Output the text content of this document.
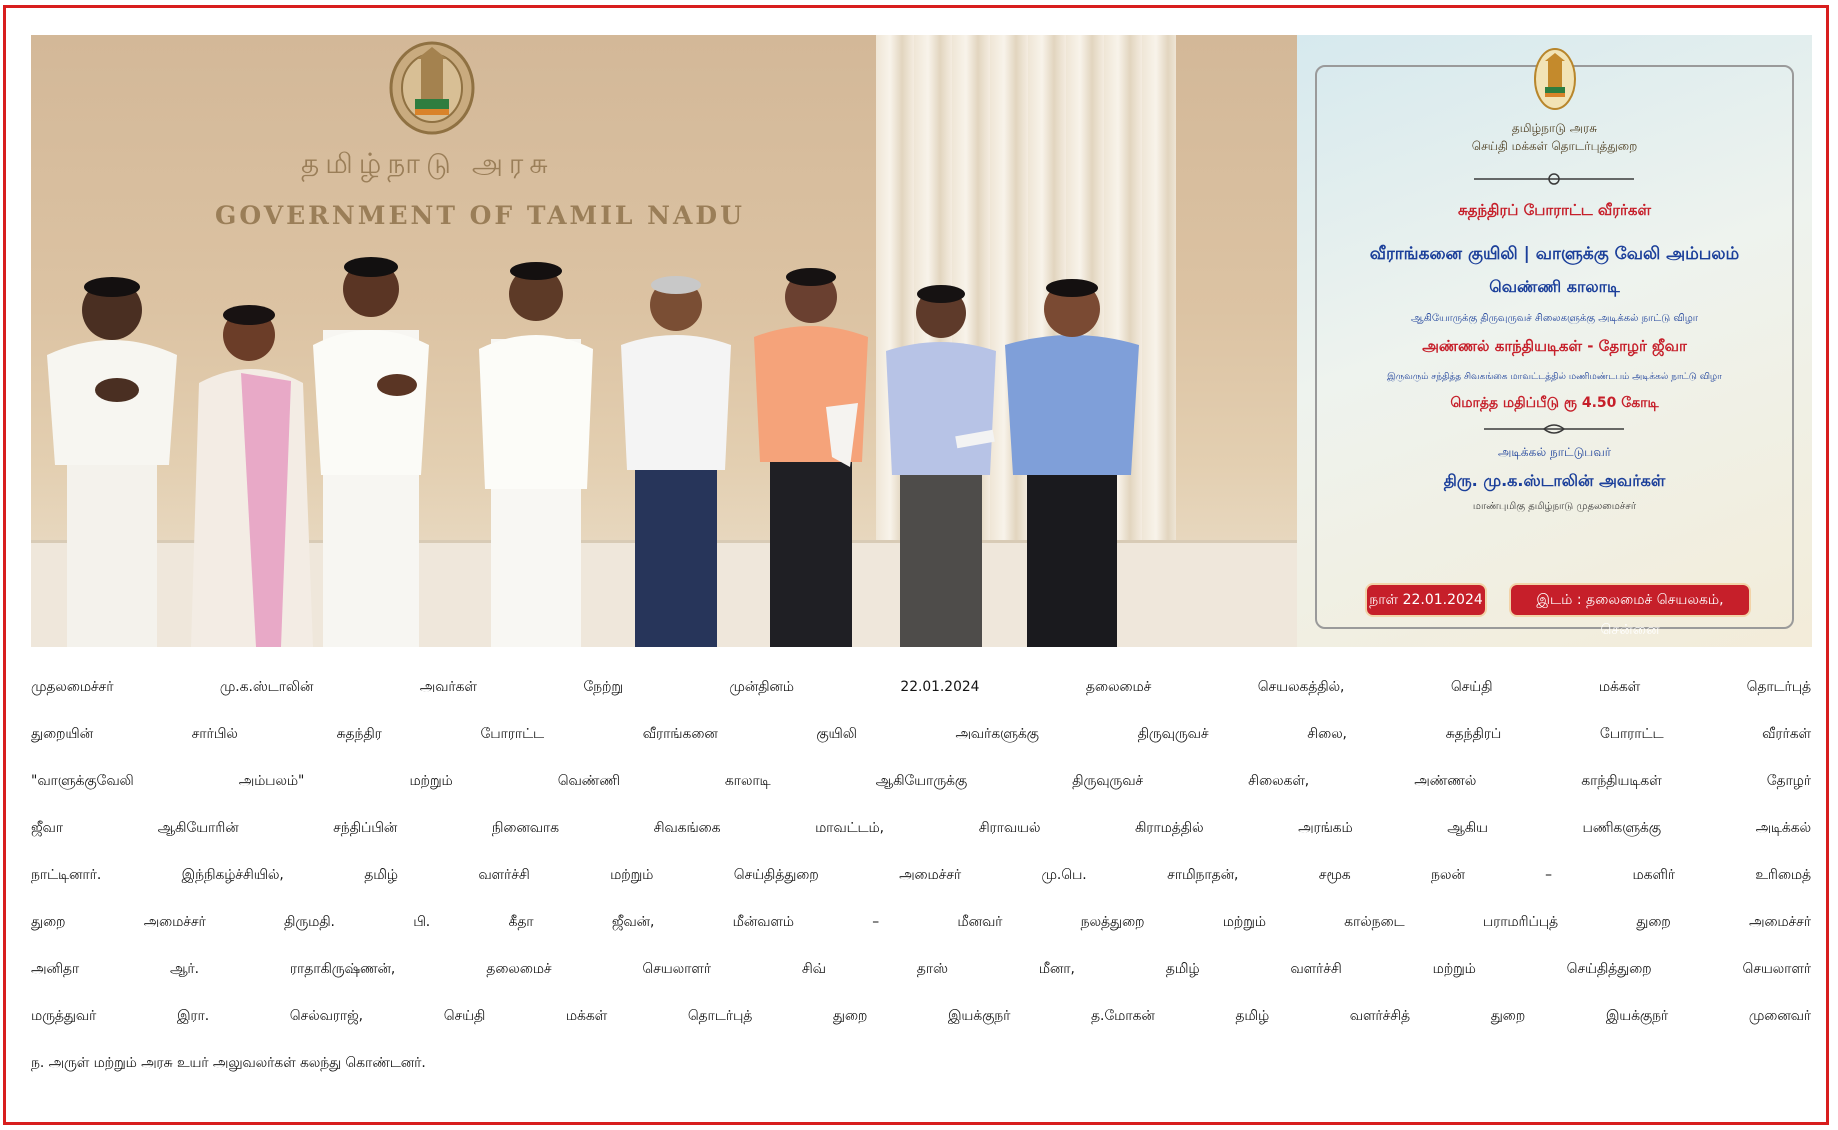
தமிழ்நாடு அரசு
GOVERNMENT OF TAMIL NADU
தமிழ்நாடு அரசு
செய்தி மக்கள் தொடர்புத்துறை
சுதந்திரப் போராட்ட வீரர்கள்
வீராங்கனை குயிலி | வாளுக்கு வேலி அம்பலம்
வெண்ணி காலாடி
ஆகியோருக்கு திருவுருவச் சிலைகளுக்கு அடிக்கல் நாட்டு விழா
அண்ணல் காந்தியடிகள் - தோழர் ஜீவா
இருவரும் சந்தித்த சிவகங்கை மாவட்டத்தில் மணிமண்டபம் அடிக்கல் நாட்டு விழா
மொத்த மதிப்பீடு ரூ 4.50 கோடி
அடிக்கல் நாட்டுபவர்
திரு. மு.க.ஸ்டாலின் அவர்கள்
மாண்புமிகு தமிழ்நாடு முதலமைச்சர்
நாள் 22.01.2024	இடம் : தலைமைச் செயலகம், சென்னை
முதலமைச்சர் மு.க.ஸ்டாலின் அவர்கள் நேற்று முன்தினம் 22.01.2024 தலைமைச் செயலகத்தில், செய்தி மக்கள் தொடர்புத்
துறையின் சார்பில் சுதந்திர போராட்ட வீராங்கனை குயிலி அவர்களுக்கு திருவுருவச் சிலை, சுதந்திரப் போராட்ட வீரர்கள்
"வாளுக்குவேலி அம்பலம்" மற்றும் வெண்ணி காலாடி ஆகியோருக்கு திருவுருவச் சிலைகள், அண்ணல் காந்தியடிகள் தோழர்
ஜீவா ஆகியோரின் சந்திப்பின் நினைவாக சிவகங்கை மாவட்டம், சிராவயல் கிராமத்தில் அரங்கம் ஆகிய பணிகளுக்கு அடிக்கல்
நாட்டினார். இந்நிகழ்ச்சியில், தமிழ் வளர்ச்சி மற்றும் செய்தித்துறை அமைச்சர் மு.பெ. சாமிநாதன், சமூக நலன் – மகளிர் உரிமைத்
துறை அமைச்சர் திருமதி. பி. கீதா ஜீவன், மீன்வளம் – மீனவர் நலத்துறை மற்றும் கால்நடை பராமரிப்புத் துறை அமைச்சர்
அனிதா ஆர். ராதாகிருஷ்ணன், தலைமைச் செயலாளர் சிவ் தாஸ் மீனா, தமிழ் வளர்ச்சி மற்றும் செய்தித்துறை செயலாளர்
மருத்துவர் இரா. செல்வராஜ், செய்தி மக்கள் தொடர்புத் துறை இயக்குநர் த.மோகன் தமிழ் வளர்ச்சித் துறை இயக்குநர் முனைவர்
ந. அருள் மற்றும் அரசு உயர் அலுவலர்கள் கலந்து கொண்டனர்.
